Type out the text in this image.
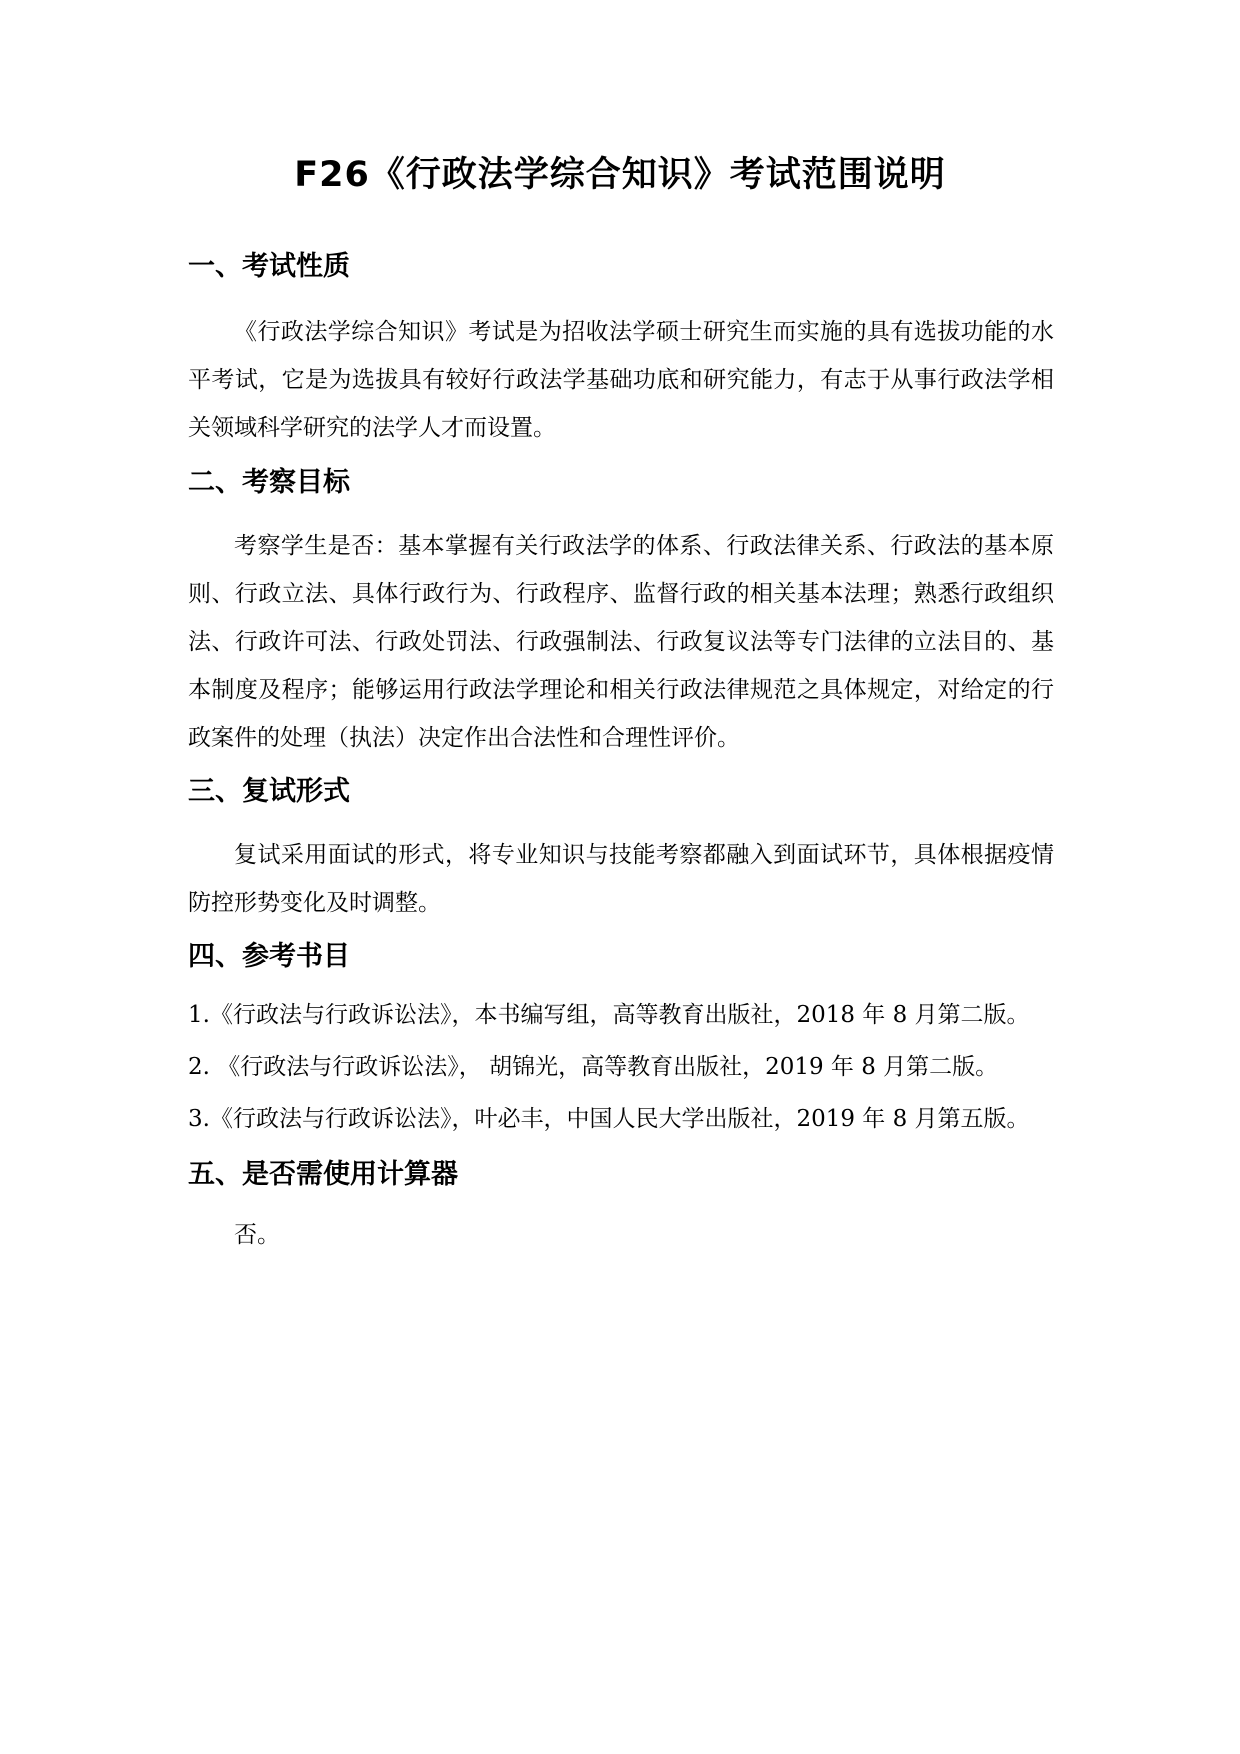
F26《行政法学综合知识》考试范围说明
一、考试性质

《行政法学综合知识》考试是为招收法学硕士研究生而实施的具有选拔功能的水平考试，它是为选拔具有较好行政法学基础功底和研究能力，有志于从事行政法学相关领域科学研究的法学人才而设置。

二、考察目标

考察学生是否：基本掌握有关行政法学的体系、行政法律关系、行政法的基本原则、行政立法、具体行政行为、行政程序、监督行政的相关基本法理；熟悉行政组织法、行政许可法、行政处罚法、行政强制法、行政复议法等专门法律的立法目的、基本制度及程序；能够运用行政法学理论和相关行政法律规范之具体规定，对给定的行政案件的处理（执法）决定作出合法性和合理性评价。

三、复试形式

复试采用面试的形式，将专业知识与技能考察都融入到面试环节，具体根据疫情防控形势变化及时调整。

四、参考书目
1.《行政法与行政诉讼法》，本书编写组，高等教育出版社，2018 年 8 月第二版。
2. 《行政法与行政诉讼法》， 胡锦光，高等教育出版社，2019 年 8 月第二版。
3.《行政法与行政诉讼法》，叶必丰，中国人民大学出版社，2019 年 8 月第五版。
五、是否需使用计算器

否。
